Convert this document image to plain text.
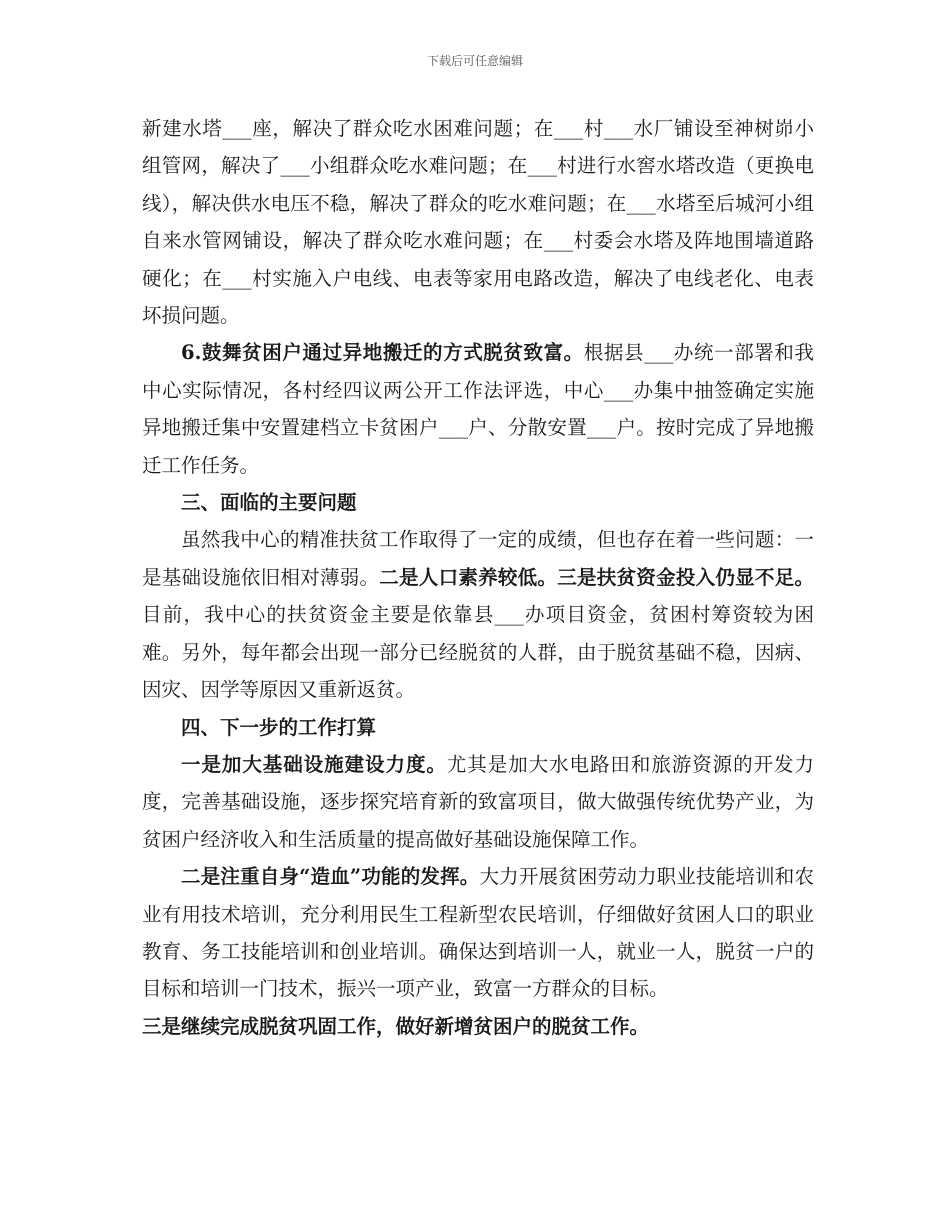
下载后可任意编辑

新建水塔___座，解决了群众吃水困难问题；在___村___水厂铺设至神树峁小组管网，解决了___小组群众吃水难问题；在___村进行水窖水塔改造（更换电线），解决供水电压不稳，解决了群众的吃水难问题；在___水塔至后城河小组自来水管网铺设，解决了群众吃水难问题；在___村委会水塔及阵地围墙道路硬化；在___村实施入户电线、电表等家用电路改造，解决了电线老化、电表坏损问题。

6.鼓舞贫困户通过异地搬迁的方式脱贫致富。根据县___办统一部署和我中心实际情况，各村经四议两公开工作法评选，中心___办集中抽签确定实施异地搬迁集中安置建档立卡贫困户___户、分散安置___户。按时完成了异地搬迁工作任务。

三、面临的主要问题

虽然我中心的精准扶贫工作取得了一定的成绩，但也存在着一些问题：一是基础设施依旧相对薄弱。二是人口素养较低。三是扶贫资金投入仍显不足。目前，我中心的扶贫资金主要是依靠县___办项目资金，贫困村筹资较为困难。另外，每年都会出现一部分已经脱贫的人群，由于脱贫基础不稳，因病、因灾、因学等原因又重新返贫。

四、下一步的工作打算

一是加大基础设施建设力度。尤其是加大水电路田和旅游资源的开发力度，完善基础设施，逐步探究培育新的致富项目，做大做强传统优势产业，为贫困户经济收入和生活质量的提高做好基础设施保障工作。

二是注重自身“造血”功能的发挥。大力开展贫困劳动力职业技能培训和农业有用技术培训，充分利用民生工程新型农民培训，仔细做好贫困人口的职业教育、务工技能培训和创业培训。确保达到培训一人，就业一人，脱贫一户的目标和培训一门技术，振兴一项产业，致富一方群众的目标。

三是继续完成脱贫巩固工作，做好新增贫困户的脱贫工作。
